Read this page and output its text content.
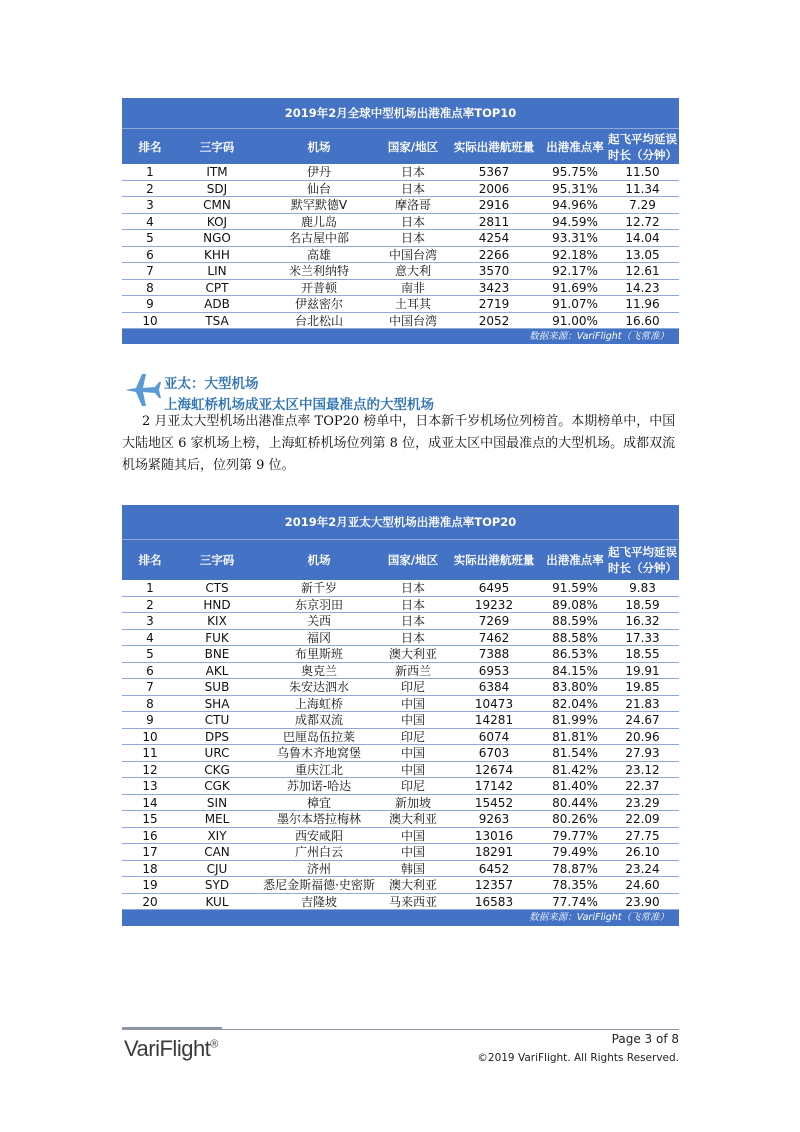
2019年2月全球中型机场出港准点率TOP10
排名	三字码	机场	国家/地区	实际出港航班量	出港准点率
起飞平均延误时长（分钟）
1	ITM	伊丹	日本	5367	95.75%	11.50
2	SDJ	仙台	日本	2006	95.31%	11.34
3	CMN	默罕默德V	摩洛哥	2916	94.96%	7.29
4	KOJ	鹿儿岛	日本	2811	94.59%	12.72
5	NGO	名古屋中部	日本	4254	93.31%	14.04
6	KHH	高雄	中国台湾	2266	92.18%	13.05
7	LIN	米兰利纳特	意大利	3570	92.17%	12.61
8	CPT	开普顿	南非	3423	91.69%	14.23
9	ADB	伊兹密尔	土耳其	2719	91.07%	11.96
10	TSA	台北松山	中国台湾	2052	91.00%	16.60
数据来源：VariFlight（飞常准）
亚太：大型机场
上海虹桥机场成亚太区中国最准点的大型机场
2 月亚太大型机场出港准点率 TOP20 榜单中，日本新千岁机场位列榜首。本期榜单中，中国大陆地区 6 家机场上榜，上海虹桥机场位列第 8 位，成亚太区中国最准点的大型机场。成都双流机场紧随其后，位列第 9 位。
2019年2月亚太大型机场出港准点率TOP20
排名	三字码	机场	国家/地区	实际出港航班量	出港准点率
起飞平均延误时长（分钟）
1	CTS	新千岁	日本	6495	91.59%	9.83
2	HND	东京羽田	日本	19232	89.08%	18.59
3	KIX	关西	日本	7269	88.59%	16.32
4	FUK	福冈	日本	7462	88.58%	17.33
5	BNE	布里斯班	澳大利亚	7388	86.53%	18.55
6	AKL	奥克兰	新西兰	6953	84.15%	19.91
7	SUB	朱安达泗水	印尼	6384	83.80%	19.85
8	SHA	上海虹桥	中国	10473	82.04%	21.83
9	CTU	成都双流	中国	14281	81.99%	24.67
10	DPS	巴厘岛伍拉莱	印尼	6074	81.81%	20.96
11	URC	乌鲁木齐地窝堡	中国	6703	81.54%	27.93
12	CKG	重庆江北	中国	12674	81.42%	23.12
13	CGK	苏加诺-哈达	印尼	17142	81.40%	22.37
14	SIN	樟宜	新加坡	15452	80.44%	23.29
15	MEL	墨尔本塔拉梅林	澳大利亚	9263	80.26%	22.09
16	XIY	西安咸阳	中国	13016	79.77%	27.75
17	CAN	广州白云	中国	18291	79.49%	26.10
18	CJU	济州	韩国	6452	78.87%	23.24
19	SYD	悉尼金斯福德·史密斯	澳大利亚	12357	78.35%	24.60
20	KUL	吉隆坡	马来西亚	16583	77.74%	23.90
数据来源：VariFlight（飞常准）
VariFlight®	Page 3 of 8
©2019 VariFlight. All Rights Reserved.
